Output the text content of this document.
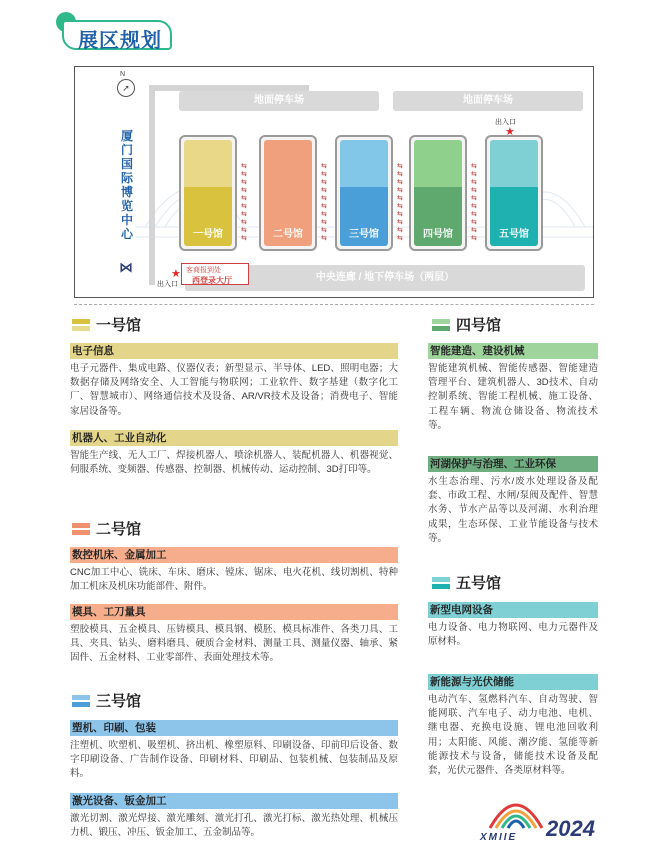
展区规划
N
➚
地面停车场	地面停车场
厦门国际博览中心
⋈
一号馆
⇆
⇆
⇆
⇆
⇆
⇆
⇆
⇆
⇆
⇆	二号馆
⇆
⇆
⇆
⇆
⇆
⇆
⇆
⇆
⇆
⇆	三号馆
⇆
⇆
⇆
⇆
⇆
⇆
⇆
⇆
⇆
⇆	四号馆
⇆
⇆
⇆
⇆
⇆
⇆
⇆
⇆
⇆
⇆	五号馆
出入口
★
中央连廊 / 地下停车场（两层）
客商报到处
西登录大厅
★
出入口
一号馆
电子信息
电子元器件、集成电路、仪器仪表；新型显示、半导体、LED、照明电器；大数据存储及网络安全、人工智能与物联网；工业软件、数字基建（数字化工厂、智慧城市）、网络通信技术及设备、AR/VR技术及设备；消费电子、智能家居设备等。
机器人、工业自动化
智能生产线、无人工厂、焊接机器人、喷涂机器人、装配机器人、机器视觉、伺服系统、变频器、传感器、控制器、机械传动、运动控制、3D打印等。
二号馆
数控机床、金属加工
CNC加工中心、铣床、车床、磨床、镗床、锯床、电火花机、线切割机、特种加工机床及机床功能部件、附件。
模具、工刀量具
塑胶模具、五金模具、压铸模具、模具钢、模胚、模具标准件、各类刀具、工具、夹具、钻头、磨料磨具、硬质合金材料、测量工具、测量仪器、轴承、紧固件、五金材料、工业零部件、表面处理技术等。
三号馆
塑机、印刷、包装
注塑机、吹塑机、吸塑机、挤出机、橡塑原料、印刷设备、印前印后设备、数字印刷设备、广告制作设备、印刷材料、印刷品、包装机械、包装制品及原料。
激光设备、钣金加工
激光切割、激光焊接、激光雕刻、激光打孔、激光打标、激光热处理、机械压力机、锻压、冲压、钣金加工、五金制品等。
四号馆
智能建造、建设机械
智能建筑机械、智能传感器、智能建造管理平台、建筑机器人、3D技术、自动控制系统、智能工程机械、施工设备、工程车辆、物流仓储设备、物流技术等。
河湖保护与治理、工业环保
水生态治理、污水/废水处理设备及配套、市政工程、水闸/泵阀及配件、智慧水务、节水产品等以及河湖、水利治理成果，生态环保、工业节能设备与技术等。
五号馆
新型电网设备
电力设备、电力物联网、电力元器件及原材料。
新能源与光伏储能
电动汽车、氢燃料汽车、自动驾驶、智能网联、汽车电子、动力电池、电机、继电器、充换电设施、锂电池回收利用；太阳能、风能、潮汐能、氢能等新能源技术与设备，储能技术设备及配套，光伏元器件、各类原材料等。
XMIIE 2024
